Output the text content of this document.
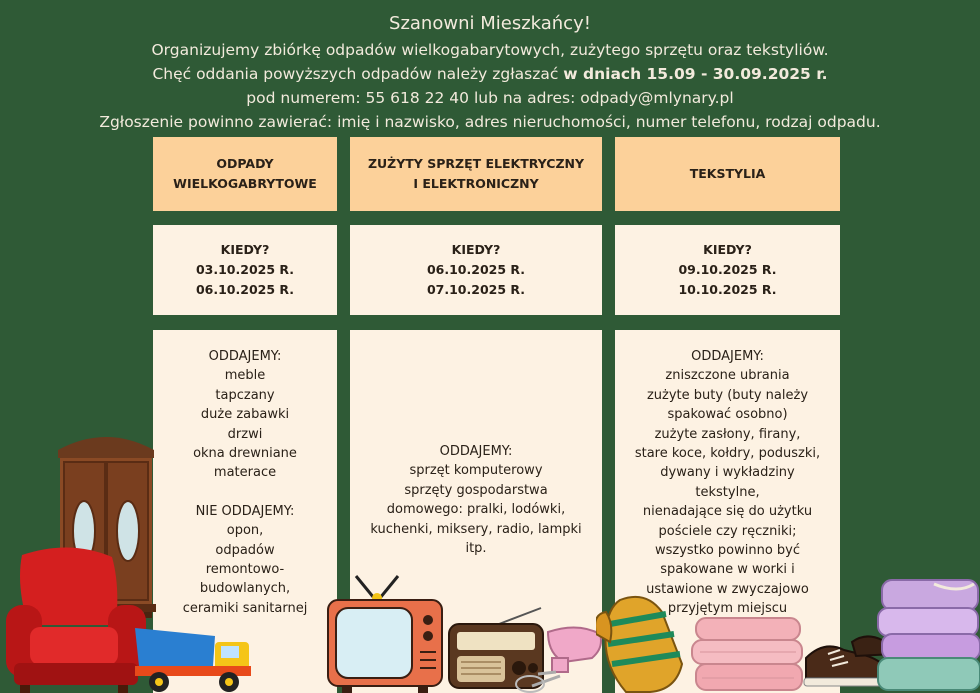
Szanowni Mieszkańcy!
Organizujemy zbiórkę odpadów wielkogabarytowych, zużytego sprzętu oraz tekstyliów.
Chęć oddania powyższych odpadów należy zgłaszać w dniach 15.09 - 30.09.2025 r.
pod numerem: 55 618 22 40 lub na adres: odpady@mlynary.pl
Zgłoszenie powinno zawierać: imię i nazwisko, adres nieruchomości, numer telefonu, rodzaj odpadu.
ODPADY
WIELKOGABRYTOWE
ZUŻYTY SPRZĘT ELEKTRYCZNY
I ELEKTRONICZNY
TEKSTYLIA
KIEDY?
03.10.2025 R.
06.10.2025 R.
KIEDY?
06.10.2025 R.
07.10.2025 R.
KIEDY?
09.10.2025 R.
10.10.2025 R.
ODDAJEMY:
meble
tapczany
duże zabawki
drzwi
okna drewniane
materace
NIE ODDAJEMY:
opon,
odpadów
remontowo-
budowlanych,
ceramiki sanitarnej
ODDAJEMY:
sprzęt komputerowy
sprzęty gospodarstwa
domowego: pralki, lodówki,
kuchenki, miksery, radio, lampki
itp.
ODDAJEMY:
zniszczone ubrania
zużyte buty (buty należy
spakować osobno)
zużyte zasłony, firany,
stare koce, kołdry, poduszki,
dywany i wykładziny
tekstylne,
nienadające się do użytku
pościele czy ręczniki;
wszystko powinno być
spakowane w worki i
ustawione w zwyczajowo
przyjętym miejscu
